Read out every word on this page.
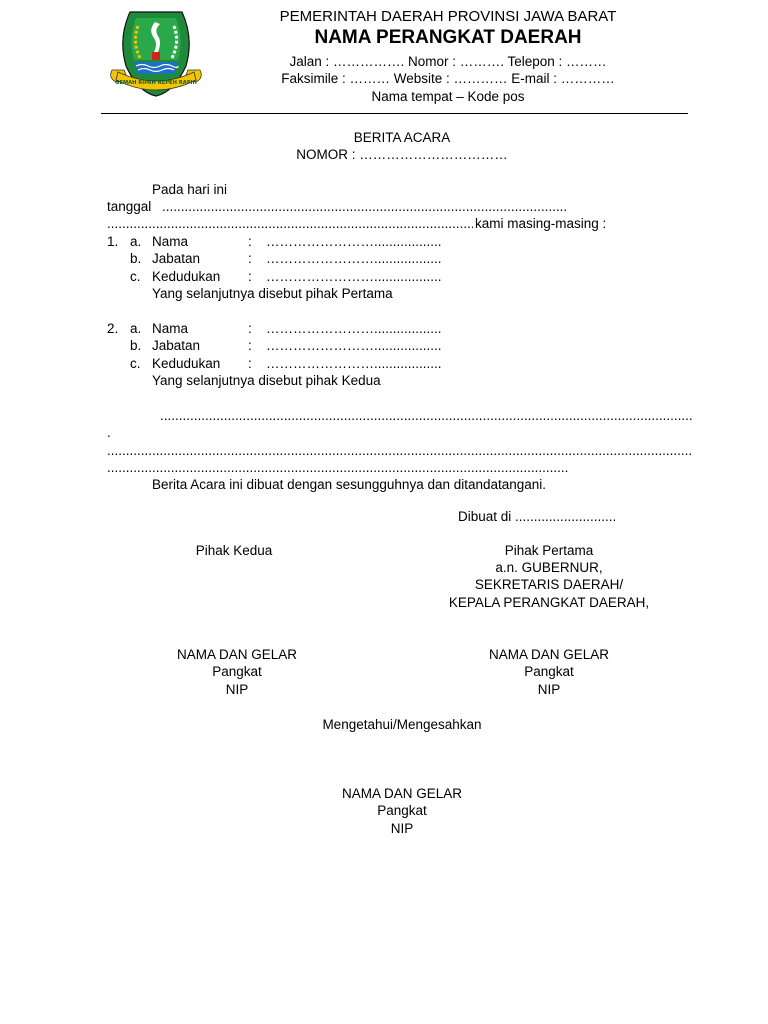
GEMAH RIPAH REPEH RAPIH
PEMERINTAH DAERAH PROVINSI JAWA BARAT
NAMA PERANGKAT DAERAH
Jalan : ……………. Nomor : ………. Telepon : ………
Faksimile : ……… Website : ………… E-mail : …………
Nama tempat – Kode pos
BERITA ACARA
NOMOR : ……………………………
Pada hari ini
tanggal
.....
.....
kami masing-masing :
1. a. Nama	: ……………………..................
b. Jabatan	: ……………………..................
c. Kedudukan : ……………………..................
Yang selanjutnya disebut pihak Pertama
2. a. Nama	: ……………………..................
b. Jabatan	: ……………………..................
c. Kedudukan : ……………………..................
Yang selanjutnya disebut pihak Kedua
.....
.
.....
.....
Berita Acara ini dibuat dengan sesungguhnya dan ditandatangani.
Dibuat di ...........................
Pihak Kedua
NAMA DAN GELAR
Pangkat
NIP
Pihak Pertama
a.n. GUBERNUR,
SEKRETARIS DAERAH/
KEPALA PERANGKAT DAERAH,
NAMA DAN GELAR
Pangkat
NIP
Mengetahui/Mengesahkan
NAMA DAN GELAR
Pangkat
NIP
